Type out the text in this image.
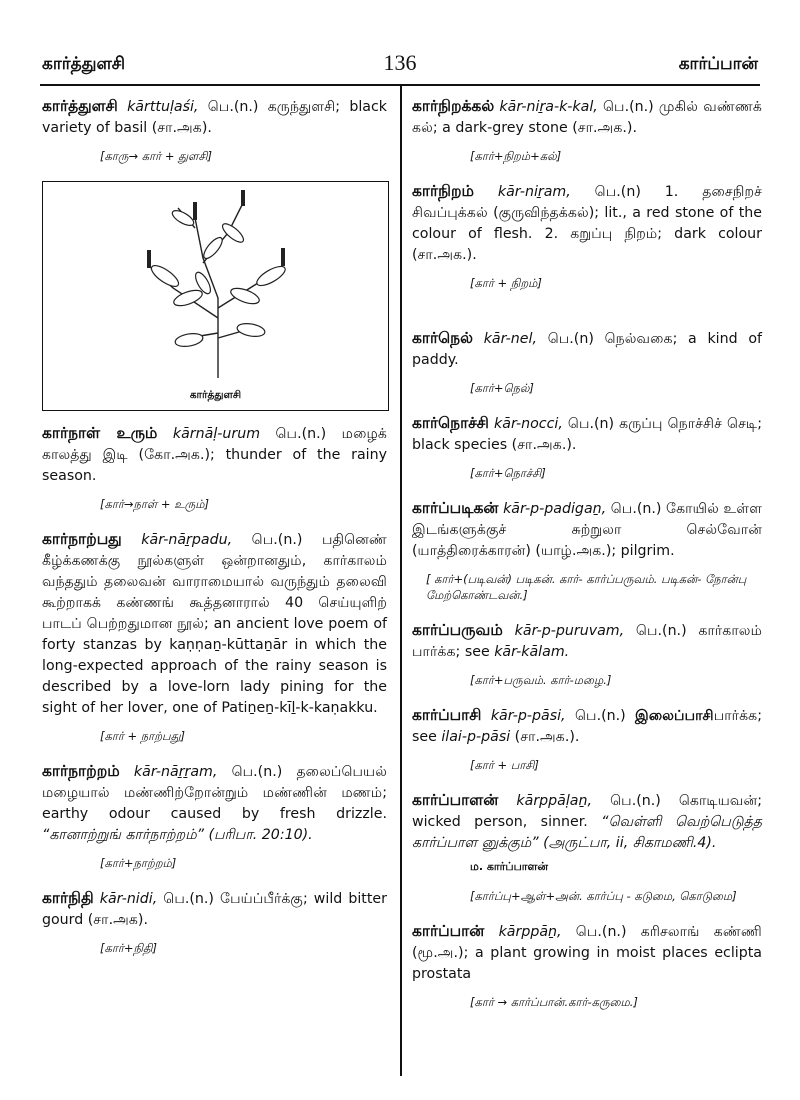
கார்த்துளசி	136	கார்ப்பான்
கார்த்துளசி kārttuḷaśi, பெ.(n.) கருந்துளசி; black variety of basil (சா.அக).
[காரு→ கார் + துளசி]
கார்த்துளசி
கார்நாள் உரும் kārnāḷ-urum பெ.(n.) மழைக் காலத்து இடி (கோ.அக.); thunder of the rainy season.
[கார்→நாள் + உரும்]
கார்நாற்பது kār-nāṟpadu, பெ.(n.) பதினெண் கீழ்க்கணக்கு நூல்களுள் ஒன்றானதும், கார்காலம் வந்ததும் தலைவன் வாராமையால் வருந்தும் தலைவி கூற்றாகக் கண்ணங் கூத்தனாரால் 40 செய்யுளிற் பாடப் பெற்றதுமான நூல்; an ancient love poem of forty stanzas by kaṇṇaṉ-kūttaṉār in which the long-expected approach of the rainy season is described by a love-lorn lady pining for the sight of her lover, one of Patiṉeṉ-kīḻ-k-kaṇakku.
[கார் + நாற்பது]
கார்நாற்றம் kār-nāṟṟam, பெ.(n.) தலைப்பெயல் மழையால் மண்ணிற்றோன்றும் மண்ணின் மணம்; earthy odour caused by fresh drizzle. “கானாற்றுங் கார்நாற்றம்” (பரிபா. 20:10).
[கார்+நாற்றம்]
கார்நிதி kār-nidi, பெ.(n.) பேய்ப்பீர்க்கு; wild bitter gourd (சா.அக).
[கார்+நிதி]
கார்நிறக்கல் kār-niṟa-k-kal, பெ.(n.) முகில் வண்ணக் கல்; a dark-grey stone (சா.அக.).
[கார்+நிறம்+கல்]
கார்நிறம் kār-niṟam, பெ.(n) 1. தசைநிறச் சிவப்புக்கல் (குருவிந்தக்கல்); lit., a red stone of the colour of flesh. 2. கறுப்பு நிறம்; dark colour (சா.அக.).
[கார் + நிறம்]
கார்நெல் kār-nel, பெ.(n) நெல்வகை; a kind of paddy.
[கார்+நெல்]
கார்நொச்சி kār-nocci, பெ.(n) கருப்பு நொச்சிச் செடி; black species (சா.அக.).
[கார்+நொச்சி]
கார்ப்படிகன் kār-p-padigaṉ, பெ.(n.) கோயில் உள்ள இடங்களுக்குச் சுற்றுலா செல்வோன் (யாத்திரைக்காரன்) (யாழ்.அக.); pilgrim.
[ கார்+(படிவன்) படிகன். கார்- கார்ப்பருவம். படிகன்- நோன்பு மேற்கொண்டவன்.]
கார்ப்பருவம் kār-p-puruvam, பெ.(n.) கார்காலம் பார்க்க; see kār-kālam.
[கார்+பருவம். கார்-மழை.]
கார்ப்பாசி kār-p-pāsi, பெ.(n.) இலைப்பாசிபார்க்க; see ilai-p-pāsi (சா.அக.).
[கார் + பாசி]
கார்ப்பாளன் kārppāḷaṉ, பெ.(n.) கொடியவன்; wicked person, sinner. “வெள்ளி வெற்பெடுத்த கார்ப்பாள னுக்கும்” (அருட்பா, ii, சிகாமணி.4).
ம. கார்ப்பாளன்
[கார்ப்பு+ஆள்+அன். கார்ப்பு - கடுமை, கொடுமை]
கார்ப்பான் kārppāṉ, பெ.(n.) கரிசலாங் கண்ணி (மூ.அ.); a plant growing in moist places eclipta prostata
[கார் → கார்ப்பான்.கார்-கருமை.]
